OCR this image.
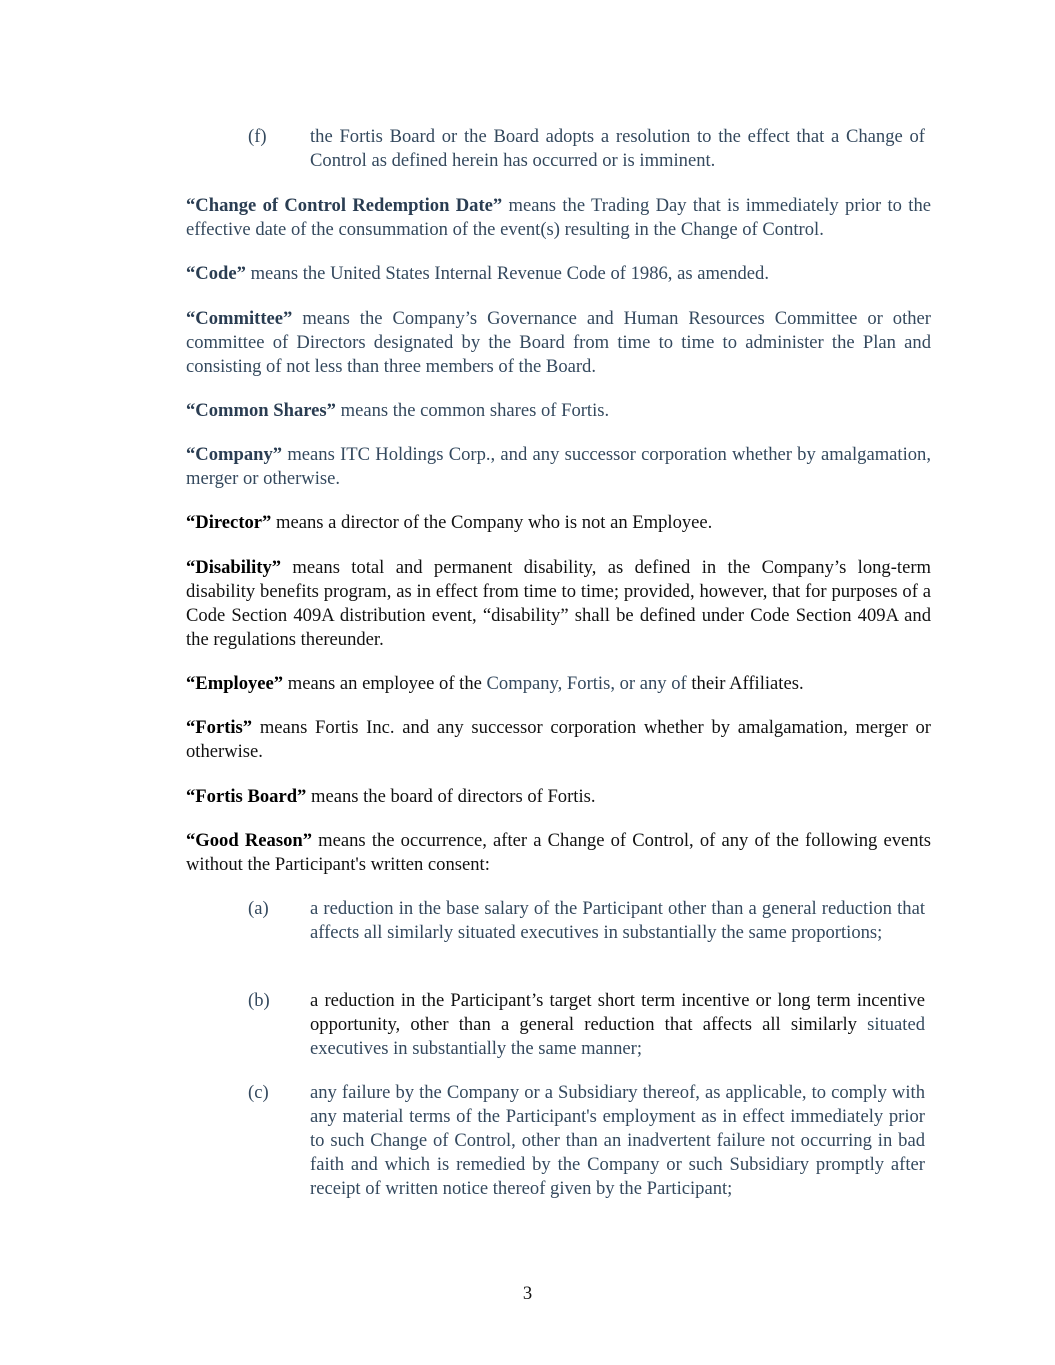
(f)	the Fortis Board or the Board adopts a resolution to the effect that a Change of Control as defined herein has occurred or is imminent.

“Change of Control Redemption Date” means the Trading Day that is immediately prior to the effective date of the consummation of the event(s) resulting in the Change of Control.

“Code” means the United States Internal Revenue Code of 1986, as amended.

“Committee” means the Company’s Governance and Human Resources Committee or other committee of Directors designated by the Board from time to time to administer the Plan and consisting of not less than three members of the Board.

“Common Shares” means the common shares of Fortis.

“Company” means ITC Holdings Corp., and any successor corporation whether by amalgamation, merger or otherwise.

“Director” means a director of the Company who is not an Employee.

“Disability” means total and permanent disability, as defined in the Company’s long-term disability benefits program, as in effect from time to time; provided, however, that for purposes of a Code Section 409A distribution event, “disability” shall be defined under Code Section 409A and the regulations thereunder.

“Employee” means an employee of the Company, Fortis, or any of their Affiliates.

“Fortis” means Fortis Inc. and any successor corporation whether by amalgamation, merger or otherwise.

“Fortis Board” means the board of directors of Fortis.

“Good Reason” means the occurrence, after a Change of Control, of any of the following events without the Participant's written consent:

(a)	a reduction in the base salary of the Participant other than a general reduction that affects all similarly situated executives in substantially the same proportions;
(b)	a reduction in the Participant’s target short term incentive or long term incentive opportunity, other than a general reduction that affects all similarly situated executives in substantially the same manner;
(c)	any failure by the Company or a Subsidiary thereof, as applicable, to comply with any material terms of the Participant's employment as in effect immediately prior to such Change of Control, other than an inadvertent failure not occurring in bad faith and which is remedied by the Company or such Subsidiary promptly after receipt of written notice thereof given by the Participant;
3
